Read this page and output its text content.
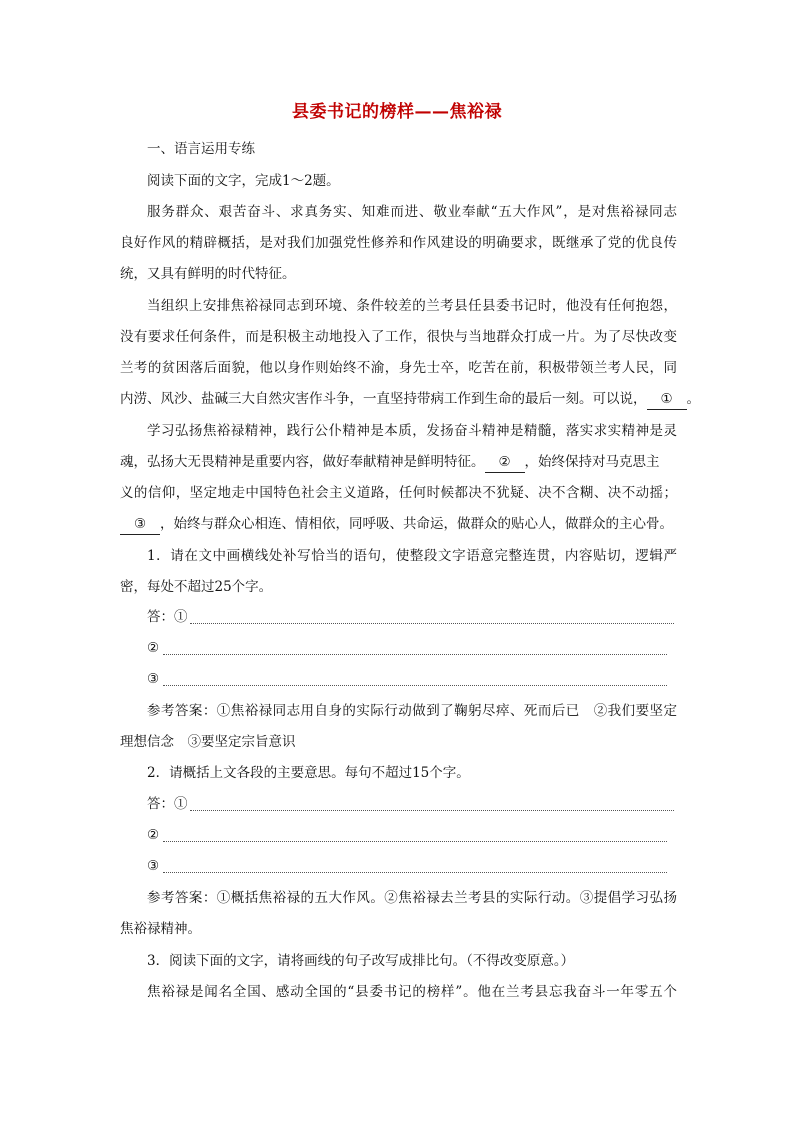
县委书记的榜样——焦裕禄
一、语言运用专练
阅读下面的文字，完成1～2题。
服务群众、艰苦奋斗、求真务实、知难而进、敬业奉献“五大作风”，是对焦裕禄同志
良好作风的精辟概括，是对我们加强党性修养和作风建设的明确要求，既继承了党的优良传
统，又具有鲜明的时代特征。
当组织上安排焦裕禄同志到环境、条件较差的兰考县任县委书记时，他没有任何抱怨，
没有要求任何条件，而是积极主动地投入了工作，很快与当地群众打成一片。为了尽快改变
兰考的贫困落后面貌，他以身作则始终不渝，身先士卒，吃苦在前，积极带领兰考人民，同
内涝、风沙、盐碱三大自然灾害作斗争，一直坚持带病工作到生命的最后一刻。可以说， ① 。
学习弘扬焦裕禄精神，践行公仆精神是本质，发扬奋斗精神是精髓，落实求实精神是灵
魂，弘扬大无畏精神是重要内容，做好奉献精神是鲜明特征。 ② ，始终保持对马克思主
义的信仰，坚定地走中国特色社会主义道路，任何时候都决不犹疑、决不含糊、决不动摇；
③ ，始终与群众心相连、情相依，同呼吸、共命运，做群众的贴心人，做群众的主心骨。
1．请在文中画横线处补写恰当的语句，使整段文字语意完整连贯，内容贴切，逻辑严
密，每处不超过25个字。
答：①
②
③
参考答案：①焦裕禄同志用自身的实际行动做到了鞠躬尽瘁、死而后已　②我们要坚定
理想信念　③要坚定宗旨意识
2．请概括上文各段的主要意思。每句不超过15个字。
答：①
②
③
参考答案：①概括焦裕禄的五大作风。②焦裕禄去兰考县的实际行动。③提倡学习弘扬
焦裕禄精神。
3．阅读下面的文字，请将画线的句子改写成排比句。（不得改变原意。）
焦裕禄是闻名全国、感动全国的“县委书记的榜样”。他在兰考县忘我奋斗一年零五个
